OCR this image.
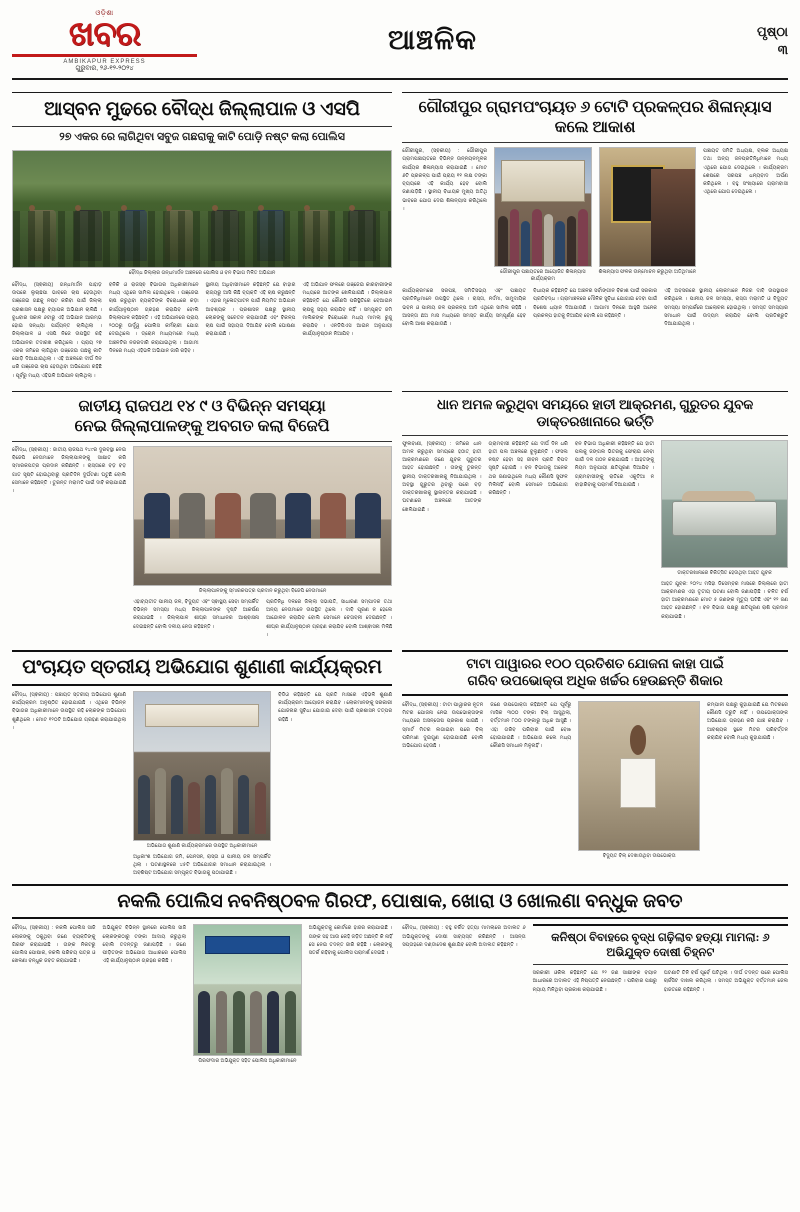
ଓଡ଼ିଶା
ଖବର
AMBIKAPUR EXPRESS
ଗୁରୁବାର, ୨୬-୧୨-୨୦୨୪
ଆଞ୍ଚଳିକ	ପୃଷ୍ଠା
୩
ଆସ୍ବନ ମୁଢରେ ବୌଦ୍ଧ ଜିଲ୍ଲାପାଳ ଓ ଏସପି
୨୭ ଏକର ରେ ଲାଗିଥିବା ସବୁଜ ଗଛରାକୁ କାଟି ପୋଡ଼ି ନଷ୍ଟ କଲା ପୋଲିସ
ବୌଦ୍ଧ ଜିଲ୍ଲାର ଗନ୍ଧମାର୍ଦ୍ଦନ ଅଞ୍ଚଳରେ ପୋଲିସ ଓ ବନ ବିଭାଗ ମିଳିତ ଅଭିଯାନ
ବୌଦ୍ଧ, (ସ୍ଵକୀୟ) ଗନ୍ଧମାର୍ଦ୍ଦନ ପାହାଡ଼ ଉପରେ ଲୁଚାଛପା ଭାବରେ ଚାଷ ହେଉଥିବା ଗଞ୍ଜେଇ ଗଛକୁ ନଷ୍ଟ କରିବା ପାଇଁ ଜିଲ୍ଲା ପ୍ରଶାସନ ପକ୍ଷରୁ ବ୍ୟାପକ ଅଭିଯାନ ଚାଲିଛି । ବୁଧବାର ସକାଳ ୬ଟାରୁ ଏହି ଅଭିଯାନ ଆରମ୍ଭ ହୋଇ ସନ୍ଧ୍ୟା ପର୍ଯ୍ୟନ୍ତ ଚାଲିଥିଲା । ଜିଲ୍ଲାପାଳ ଓ ଏସପି ନିଜେ ଉପସ୍ଥିତ ରହି ଅଭିଯାନର ତଦାରଖ କରିଥିଲେ । ପ୍ରାୟ ୨୭ ଏକର ଜମିରେ ଲାଗିଥିବା ଗଞ୍ଜେଇ ଗଛକୁ କାଟି ପୋଡ଼ି ଦିଆଯାଇଥିଲା । ଏହି ଅଞ୍ଚଳରେ ଦୀର୍ଘ ଦିନ ଧରି ଗଞ୍ଜେଇ ଚାଷ ହେଉଥିବା ଅଭିଯୋଗ ରହିଛି । ପୂର୍ବରୁ ମଧ୍ୟ ଏହିଭଳି ଅଭିଯାନ ଚାଲିଥିଲା ।
ବନିକି ଓ ରାଜସ୍ଵ ବିଭାଗର ଅଧିକାରୀମାନେ ମଧ୍ୟ ଏଥିରେ ସାମିଲ ହୋଇଥିଲେ । ଗଞ୍ଜେଇ ଚାଷ କରୁଥିବା ବ୍ୟକ୍ତିଙ୍କ ବିରୋଧରେ କଡ଼ା କାର୍ଯ୍ୟାନୁଷ୍ଠାନ ଗ୍ରହଣ କରାଯିବ ବୋଲି ଜିଲ୍ଲାପାଳ କହିଛନ୍ତି । ଏହି ଅଭିଯାନରେ ପ୍ରାୟ ୨୦୦ରୁ ଊର୍ଦ୍ଧ୍ୱ ପୋଲିସ କର୍ମଚାରୀ ଯୋଗ ଦେଇଥିଲେ । ଡ୍ରୋନ ମାଧ୍ୟମରେ ମଧ୍ୟ ଅଞ୍ଚଳଟିର ନଜରଦାରି କରାଯାଇଥିଲା । ଆଗାମୀ ଦିନରେ ମଧ୍ୟ ଏହିଭଳି ଅଭିଯାନ ଜାରି ରହିବ ।
ସ୍ଥାନୀୟ ଅଧିବାସୀମାନେ କହିଛନ୍ତି ଯେ ବାହାର ରାଜ୍ୟରୁ ଆସି କିଛି ବ୍ୟକ୍ତି ଏହି ଚାଷ କରୁଛନ୍ତି । ଏହାର ମୂଳୋତ୍ପାଟନ ପାଇଁ ନିୟମିତ ଅଭିଯାନ ଆବଶ୍ୟକ । ପ୍ରଶାସନ ପକ୍ଷରୁ ସ୍ଥାନୀୟ ଲୋକଙ୍କୁ ସଚେତନ କରାଯାଉଛି ଏବଂ ବିକଳ୍ପ ଚାଷ ପାଇଁ ସହାୟତା ଦିଆଯିବ ବୋଲି ଘୋଷଣା କରାଯାଇଛି ।
ଏହି ଅଭିଯାନ ଫଳରେ ଗଞ୍ଜେଇ କାରବାରୀଙ୍କ ମଧ୍ୟରେ ଆତଙ୍କ ଖେଳିଯାଇଛି । ଜିଲ୍ଲାପାଳ କହିଛନ୍ତି ଯେ କୌଣସି ପରିସ୍ଥିତିରେ ବେଆଇନ ଚାଷକୁ ସହ୍ୟ କରାଯିବ ନାହିଁ । ସମ୍ପୃକ୍ତ ଜମି ମାଲିକଙ୍କ ବିରୋଧରେ ମଧ୍ୟ ମାମଲା ରୁଜୁ କରାଯିବ । ଏନଡିପିଏସ ଆଇନ ଅନୁଯାୟୀ କାର୍ଯ୍ୟାନୁଷ୍ଠାନ ନିଆଯିବ ।
ଗୌରୀପୁର ଗ୍ରାମପଂଚାୟତ ୬ ଟୋଟି ପ୍ରକଳ୍ପର ଶିଳାନ୍ୟାସ କଲେ ଆକାଶ
ଗୌରୀପୁର, (ସ୍ଵକୀୟ) : ଗୌରୀପୁର ଗ୍ରାମପଞ୍ଚାୟତରେ ବିଭିନ୍ନ ଉନ୍ନୟନମୂଳକ କାର୍ଯ୍ୟର ଶିଳାନ୍ୟାସ କରାଯାଇଛି । ମୋଟ ୬ଟି ପ୍ରକଳ୍ପ ପାଇଁ ପ୍ରାୟ ୧୧ ଲକ୍ଷ ଟଙ୍କା ବ୍ୟୟରେ ଏହି କାର୍ଯ୍ୟ ହେବ ବୋଲି ଜଣାପଡ଼ିଛି । ସ୍ଥାନୀୟ ବିଧାୟକ ମୁଖ୍ୟ ଅତିଥି ଭାବରେ ଯୋଗ ଦେଇ ଶିଳାନ୍ୟାସ କରିଥିଲେ ।
ଗୌରୀପୁର ପଞ୍ଚାୟତରେ ଆୟୋଜିତ ଶିଳାନ୍ୟାସ କାର୍ଯ୍ୟକ୍ରମ
ଶିଳାନ୍ୟାସ ଫଳକ ଉନ୍ମୋଚନ କରୁଥିବା ଅତିଥିମାନେ
ପଞ୍ଚାୟତ ସମିତି ଅଧ୍ୟକ୍ଷ, ବ୍ଲକ ଅଧ୍ୟକ୍ଷ ତଥା ଅନ୍ୟ ଜନପ୍ରତିନିଧିମାନେ ମଧ୍ୟ ଏଥିରେ ଯୋଗ ଦେଇଥିଲେ । କାର୍ଯ୍ୟକ୍ରମ ଶେଷରେ ସରପଞ୍ଚ ଧନ୍ୟବାଦ ଅର୍ପଣ କରିଥିଲେ । ବହୁ ସଂଖ୍ୟାରେ ଗ୍ରାମବାସୀ ଏଥିରେ ଯୋଗ ଦେଇଥିଲେ ।
କାର୍ଯ୍ୟକ୍ରମରେ ସରପଞ୍ଚ, ସମିତିସଭ୍ୟ ଏବଂ ପଞ୍ଚାୟତ ପ୍ରତିନିଧିମାନେ ଉପସ୍ଥିତ ଥିଲେ । ରାସ୍ତା, ନର୍ଦ୍ଦମା, ସାମୁଦାୟିକ ଭବନ ଓ ପାନୀୟ ଜଳ ପ୍ରକଳ୍ପ ଆଦି ଏଥିରେ ସାମିଲ ରହିଛି । ଆସନ୍ତା ଛଅ ମାସ ମଧ୍ୟରେ ସମସ୍ତ କାର୍ଯ୍ୟ ସମ୍ପୂର୍ଣ୍ଣ ହେବ ବୋଲି ଆଶା କରାଯାଉଛି ।
ବିଧାୟକ କହିଛନ୍ତି ଯେ ଅଞ୍ଚଳର ସର୍ବାଙ୍ଗୀନ ବିକାଶ ପାଇଁ ସରକାର ପ୍ରତିବଦ୍ଧ । ଗ୍ରାମାଞ୍ଚଳରେ ମୌଳିକ ସୁବିଧା ଯୋଗାଇ ଦେବା ପାଇଁ ବିଶେଷ ଧ୍ୟାନ ଦିଆଯାଉଛି । ଆଗାମୀ ଦିନରେ ଆହୁରି ଅନେକ ପ୍ରକଳ୍ପ ହାତକୁ ନିଆଯିବ ବୋଲି ସେ କହିଛନ୍ତି ।
ଏହି ଅବସରରେ ସ୍ଥାନୀୟ ଲୋକମାନେ ନିଜର ଦାବି ଉପସ୍ଥାପନ କରିଥିଲେ । ପାନୀୟ ଜଳ ସମସ୍ୟା, ରାସ୍ତା ମରାମତି ଓ ବିଦ୍ୟୁତ ସମସ୍ୟା ସମ୍ପର୍କରେ ଆଲୋଚନା ହୋଇଥିଲା । ସମସ୍ତ ସମସ୍ୟାର ସମାଧାନ ପାଇଁ ଉଦ୍ୟମ କରାଯିବ ବୋଲି ପ୍ରତିଶ୍ରୁତି ଦିଆଯାଇଥିଲା ।
ଜାତୀୟ ରାଜପଥ ୧୪ ୯ ଓ ବିଭିନ୍ନ ସମସ୍ୟା
ନେଇ ଜିଲ୍ଲାପାଳଙ୍କୁ ଅବଗତ କଲା ବିଜେପି
ବୌଦ୍ଧ, (ସ୍ଵକୀୟ) : ଜାତୀୟ ରାଜପଥ ୧୪୯ର ଦୁରବସ୍ଥା ନେଇ ବିଜେପି ନେତାମାନେ ଜିଲ୍ଲାପାଳଙ୍କୁ ସାକ୍ଷାତ କରି ସ୍ମାରକପତ୍ର ପ୍ରଦାନ କରିଛନ୍ତି । ରାସ୍ତାରେ ବଡ଼ ବଡ଼ ଗାତ ସୃଷ୍ଟି ହୋଇଥିବାରୁ ପ୍ରତିଦିନ ଦୁର୍ଘଟଣା ଘଟୁଛି ବୋଲି ସେମାନେ କହିଛନ୍ତି । ତୁରନ୍ତ ମରାମତି ପାଇଁ ଦାବି କରାଯାଇଛି ।
ଜିଲ୍ଲାପାଳଙ୍କୁ ସ୍ମାରକପତ୍ର ପ୍ରଦାନ କରୁଥିବା ବିଜେପି ନେତାମାନେ
ଏହାବ୍ୟତୀତ ପାନୀୟ ଜଳ, ବିଦ୍ୟୁତ ଏବଂ ସ୍ଵାସ୍ଥ୍ୟ ସେବା ସମ୍ପର୍କିତ ବିଭିନ୍ନ ସମସ୍ୟା ମଧ୍ୟ ଜିଲ୍ଲାପାଳଙ୍କ ଦୃଷ୍ଟି ଆକର୍ଷଣ କରାଯାଇଛି । ଜିଲ୍ଲାପାଳ ଶୀଘ୍ର ସମାଧାନର ଆଶ୍ଵାସନା ଦେଇଛନ୍ତି ବୋଲି ଦଳୀୟ ନେତା କହିଛନ୍ତି ।
ପ୍ରତିନିଧି ଦଳରେ ଜିଲ୍ଲା ସଭାପତି, ସାଧାରଣ ସମ୍ପାଦକ ତଥା ଅନ୍ୟ ନେତାମାନେ ଉପସ୍ଥିତ ଥିଲେ । ଦାବି ପୂରଣ ନ ହେଲେ ଆନ୍ଦୋଳନ କରାଯିବ ବୋଲି ସେମାନେ ଚେତାବନୀ ଦେଇଛନ୍ତି । ଶୀଘ୍ର କାର୍ଯ୍ୟାନୁଷ୍ଠାନ ଗ୍ରହଣ କରାଯିବ ବୋଲି ଆଶ୍ଵାସନା ମିଳିଛି ।
ଧାନ ଅମଳ କରୁଥିବା ସମୟରେ ହାତୀ ଆକ୍ରମଣ, ଗୁରୁତର ଯୁବକ ଡାକ୍ତରଖାନାରେ ଭର୍ତ୍ତି
ଫୁଲବାଣୀ, (ସ୍ଵକୀୟ) : ଜମିରେ ଧାନ ଅମଳ କରୁଥିବା ସମୟରେ ହଠାତ୍ ହାତୀ ଆକ୍ରମଣରେ ଜଣେ ଯୁବକ ଗୁରୁତର ଆହତ ହୋଇଛନ୍ତି । ତାଙ୍କୁ ତୁରନ୍ତ ସ୍ଥାନୀୟ ଡାକ୍ତରଖାନାକୁ ନିଆଯାଇଥିଲା । ଅବସ୍ଥା ଗୁରୁତର ଥିବାରୁ ପରେ ବଡ଼ ଡାକ୍ତରଖାନାକୁ ସ୍ଥାନାନ୍ତର କରାଯାଇଛି । ଘଟଣାରେ ଅଞ୍ଚଳରେ ଆତଙ୍କ ଖେଳିଯାଇଛି ।
ଗ୍ରାମବାସୀ କହିଛନ୍ତି ଯେ ଦୀର୍ଘ ଦିନ ଧରି ହାତୀ ପଲ ଅଞ୍ଚଳରେ ବୁଲୁଛନ୍ତି । ଫସଲ ନଷ୍ଟ ହେବା ସହ ଜୀବନ ପ୍ରତି ବିପଦ ସୃଷ୍ଟି ହୋଇଛି । ବନ ବିଭାଗକୁ ଅନେକ ଥର ଜଣାଇଥିଲେ ମଧ୍ୟ କୌଣସି ସୁଫଳ ମିଳିନାହିଁ ବୋଲି ସେମାନେ ଅଭିଯୋଗ କରିଛନ୍ତି ।
ବନ ବିଭାଗ ଅଧିକାରୀ କହିଛନ୍ତି ଯେ ହାତୀ ପଲକୁ ଜଙ୍ଗଲ ଭିତରକୁ ଫେରାଇ ନେବା ପାଇଁ ଦଳ ଗଠନ କରାଯାଇଛି । ଆହତଙ୍କୁ ନିୟମ ଅନୁଯାୟୀ କ୍ଷତିପୂରଣ ଦିଆଯିବ । ଗ୍ରାମବାସୀଙ୍କୁ ରାତିରେ ଏକୁଟିଆ ନ ବାହାରିବାକୁ ପରାମର୍ଶ ଦିଆଯାଇଛି ।
ଡାକ୍ତରଖାନାରେ ଚିକିତ୍ସିତ ହେଉଥିବା ଆହତ ଯୁବକ
ଆହତ ଯୁବକ: ୨୦୨୪ ମସିହା ଡିସେମ୍ବର ମାସରେ ଜିଲ୍ଲାରେ ହାତୀ ଆକ୍ରମଣର ଏହା ତୃତୀୟ ଘଟଣା ବୋଲି ଜଣାପଡ଼ିଛି । ଚଳିତ ବର୍ଷ ହାତୀ ଆକ୍ରମଣରେ ମୋଟ ୫ ଜଣଙ୍କ ମୃତ୍ୟୁ ଘଟିଛି ଏବଂ ୧୨ ଜଣ ଆହତ ହୋଇଛନ୍ତି । ବନ ବିଭାଗ ପକ୍ଷରୁ କ୍ଷତିପୂରଣ ରାଶି ପ୍ରଦାନ କରାଯାଇଛି ।
ପଂଚାୟତ ସ୍ତରୀୟ ଅଭିଯୋଗ ଶୁଣାଣୀ କାର୍ଯ୍ୟକ୍ରମ
ବୌଦ୍ଧ, (ସ୍ଵକୀୟ) : ପଞ୍ଚାୟତ ସ୍ତରୀୟ ଅଭିଯୋଗ ଶୁଣାଣି କାର୍ଯ୍ୟକ୍ରମ ଅନୁଷ୍ଠିତ ହୋଇଯାଇଛି । ଏଥିରେ ବିଭିନ୍ନ ବିଭାଗର ଅଧିକାରୀମାନେ ଉପସ୍ଥିତ ରହି ଲୋକଙ୍କ ଅଭିଯୋଗ ଶୁଣିଥିଲେ । ମୋଟ ୧୨୦ଟି ଅଭିଯୋଗ ଗ୍ରହଣ କରାଯାଇଥିଲା ।
ଅଭିଯୋଗ ଶୁଣାଣି କାର୍ଯ୍ୟକ୍ରମରେ ଉପସ୍ଥିତ ଅଧିକାରୀମାନେ
ଅଧିକାଂଶ ଅଭିଯୋଗ ଜମି, ପେନସନ, ରାସ୍ତା ଓ ପାନୀୟ ଜଳ ସମ୍ପର୍କିତ ଥିଲା । ଘଟଣାସ୍ଥଳରେ ୪୫ଟି ଅଭିଯୋଗର ସମାଧାନ କରାଯାଇଥିଲା । ଅବଶିଷ୍ଟ ଅଭିଯୋଗ ସମ୍ପୃକ୍ତ ବିଭାଗକୁ ପଠାଯାଇଛି ।
ବିଡିଓ କହିଛନ୍ତି ଯେ ପ୍ରତି ମାସରେ ଏହିଭଳି ଶୁଣାଣି କାର୍ଯ୍ୟକ୍ରମ ଆୟୋଜନ କରାଯିବ । ଲୋକମାନଙ୍କୁ ସରକାରୀ ଯୋଜନାର ସୁବିଧା ଯୋଗାଇ ଦେବା ପାଇଁ ପ୍ରଶାସନ ତତ୍ପର ରହିଛି ।
ଟାଟା ପାୱାରର ୧୦୦ ପ୍ରତିଶତ ଯୋଜନା କାହା ପାଇଁ
ଗରିବ ଉପଭୋକ୍ତା ଅଧିକ ଖର୍ଚ୍ଚର ହେଉଛନ୍ତି ଶିକାର
ବୌଦ୍ଧ, (ସ୍ଵକୀୟ) : ଟାଟା ପାୱାରର ନୂତନ ମିଟର ଯୋଜନା ନେଇ ଉପଭୋକ୍ତାଙ୍କ ମଧ୍ୟରେ ଅସନ୍ତୋଷ ପ୍ରକାଶ ପାଇଛି । ସ୍ମାର୍ଟ ମିଟର ଲଗାଇବା ପରେ ବିଲ୍ ପରିମାଣ ଦୁଇଗୁଣ ହୋଇଯାଇଛି ବୋଲି ଅଭିଯୋଗ ହେଉଛି ।
ଜଣେ ଉପଭୋକ୍ତା କହିଛନ୍ତି ଯେ ପୂର୍ବରୁ ମାସିକ ୩୦୦ ଟଙ୍କା ବିଲ୍ ଆସୁଥିଲା, ବର୍ତ୍ତମାନ ୮୦୦ ଟଙ୍କାରୁ ଅଧିକ ଆସୁଛି । ଏହା ଗରିବ ପରିବାର ପାଇଁ ବୋଝ ହୋଇଯାଇଛି । ଅଭିଯୋଗ କଲେ ମଧ୍ୟ କୌଣସି ସମାଧାନ ମିଳୁନାହିଁ ।
ବିଦ୍ୟୁତ ବିଲ୍ ଦେଖାଉଥିବା ଉପଭୋକ୍ତା
କମ୍ପାନୀ ପକ୍ଷରୁ କୁହାଯାଇଛି ଯେ ମିଟରରେ କୌଣସି ତ୍ରୁଟି ନାହିଁ । ଉପଭୋକ୍ତାଙ୍କ ଅଭିଯୋଗ ଗ୍ରହଣ କରି ଯାଞ୍ଚ କରାଯିବ । ଆବଶ୍ୟକ ସ୍ଥଳେ ମିଟର ପରିବର୍ତ୍ତନ କରାଯିବ ବୋଲି ମଧ୍ୟ କୁହାଯାଇଛି ।
ନକଲି ପୋଲିସ ନବନିଷ୍ଠବଳ ଗିରଫ, ପୋଷାକ, ଖୋରା ଓ ଖୋଲଣା ବନ୍ଧୁକ ଜବତ
ବୌଦ୍ଧ, (ସ୍ଵକୀୟ) : ନକଲି ପୋଲିସ ସାଜି ଲୋକଙ୍କୁ ଠକୁଥିବା ଜଣେ ବ୍ୟକ୍ତିଙ୍କୁ ଗିରଫ କରାଯାଇଛି । ତାଙ୍କ ନିକଟରୁ ପୋଲିସ ପୋଷାକ, ନକଲି ପରିଚୟ ପତ୍ର ଓ ଖେଳଣା ବନ୍ଧୁକ ଜବତ କରାଯାଇଛି ।
ଅଭିଯୁକ୍ତ ବିଭିନ୍ନ ସ୍ଥାନରେ ପୋଲିସ ସାଜି ଲୋକଙ୍କଠାରୁ ଟଙ୍କା ଆଦାୟ କରୁଥିଲା ବୋଲି ତଦନ୍ତରୁ ଜଣାପଡ଼ିଛି । ଜଣେ ପୀଡ଼ିତଙ୍କ ଅଭିଯୋଗ ଆଧାରରେ ପୋଲିସ ଏହି କାର୍ଯ୍ୟାନୁଷ୍ଠାନ ଗ୍ରହଣ କରିଛି ।
ଗିରଫଦାର ଅଭିଯୁକ୍ତ ସହିତ ପୋଲିସ ଅଧିକାରୀମାନେ
ଅଭିଯୁକ୍ତକୁ କୋର୍ଟରେ ହାଜର କରାଯାଇଛି । ତାଙ୍କ ସହ ଆଉ କେହି ଜଡ଼ିତ ଅଛନ୍ତି କି ନାହିଁ ସେ ନେଇ ତଦନ୍ତ ଜାରି ରହିଛି । ଲୋକଙ୍କୁ ସତର୍କ ରହିବାକୁ ପୋଲିସ ପରାମର୍ଶ ଦେଇଛି ।
ବୌଦ୍ଧ, (ସ୍ଵକୀୟ) : ବହୁ ଚର୍ଚ୍ଚିତ ହତ୍ୟା ମାମଲାରେ ଅଦାଲତ ୬ ଅଭିଯୁକ୍ତଙ୍କୁ ଦୋଷୀ ସାବ୍ୟସ୍ତ କରିଛନ୍ତି । ଆସନ୍ତା ସପ୍ତାହରେ ଦଣ୍ଡାଦେଶ ଶୁଣାଯିବ ବୋଲି ଅଦାଲତ କହିଛନ୍ତି ।
କନିଷ୍ଠା ବିବାହରେ ବୃଦ୍ଧ ଗଢ଼ିଲାବ ହତ୍ୟା ମାମଲା: ୬ ଅଭିଯୁକ୍ତ ଦୋଷୀ ଚିହ୍ନଟ
ସରକାରୀ ଓକିଲ କହିଛନ୍ତି ଯେ ୨୨ ଜଣ ସାକ୍ଷୀଙ୍କ ବୟାନ ଆଧାରରେ ଅଦାଲତ ଏହି ନିଷ୍ପତ୍ତି ନେଇଛନ୍ତି । ପରିବାର ପକ୍ଷରୁ ନ୍ୟାୟ ମିଳିଥିବା ପ୍ରକାଶ କରାଯାଇଛି ।
ଘଟଣାଟି ତିନି ବର୍ଷ ପୂର୍ବେ ଘଟିଥିଲା । ଦୀର୍ଘ ତଦନ୍ତ ପରେ ପୋଲିସ ଚାର୍ଜସିଟ ଦାଖଲ କରିଥିଲା । ସମସ୍ତ ଅଭିଯୁକ୍ତ ବର୍ତ୍ତମାନ ଜେଲ ହାଜତରେ ରହିଛନ୍ତି ।
